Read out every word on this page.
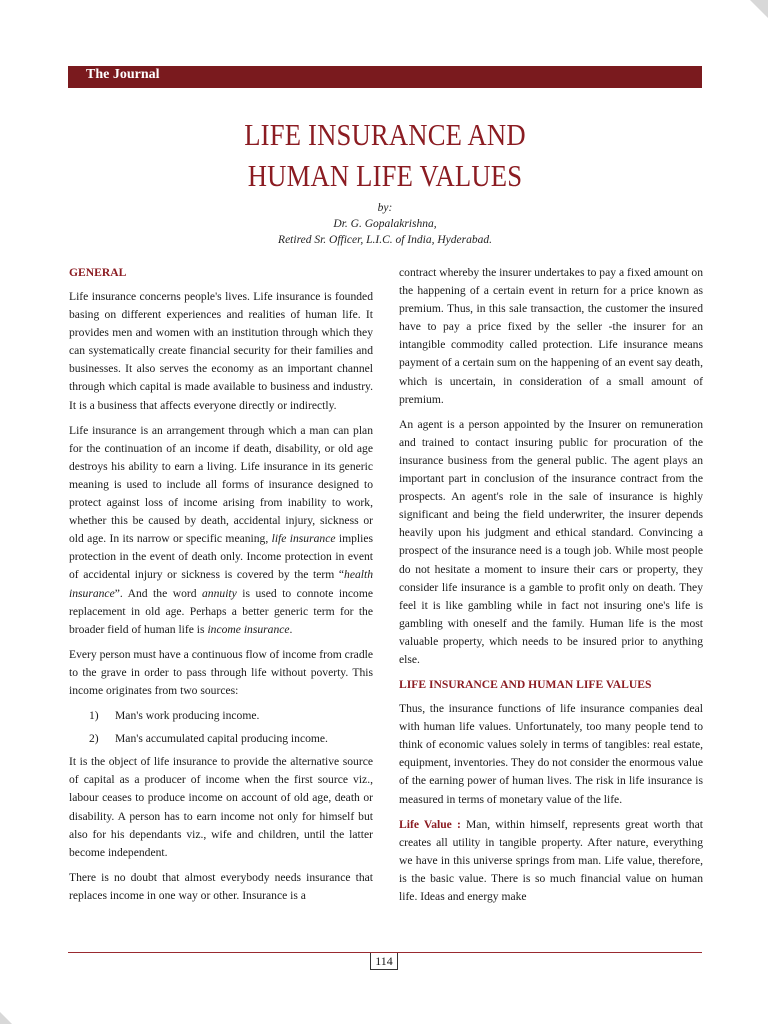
The Journal
LIFE INSURANCE AND
HUMAN LIFE VALUES
by:
Dr. G. Gopalakrishna,
Retired Sr. Officer, L.I.C. of India, Hyderabad.
GENERAL

Life insurance concerns people's lives. Life insurance is founded basing on different experiences and realities of human life. It provides men and women with an institution through which they can systematically create financial security for their families and businesses. It also serves the economy as an important channel through which capital is made available to business and industry. It is a business that affects everyone directly or indirectly.

Life insurance is an arrangement through which a man can plan for the continuation of an income if death, disability, or old age destroys his ability to earn a living. Life insurance in its generic meaning is used to include all forms of insurance designed to protect against loss of income arising from inability to work, whether this be caused by death, accidental injury, sickness or old age. In its narrow or specific meaning, life insurance implies protection in the event of death only. Income protection in event of accidental injury or sickness is covered by the term “health insurance”. And the word annuity is used to connote income replacement in old age. Perhaps a better generic term for the broader field of human life is income insurance.

Every person must have a continuous flow of income from cradle to the grave in order to pass through life without poverty. This income originates from two sources:

1) Man's work producing income.
2) Man's accumulated capital producing income.

It is the object of life insurance to provide the alternative source of capital as a producer of income when the first source viz., labour ceases to produce income on account of old age, death or disability. A person has to earn income not only for himself but also for his dependants viz., wife and children, until the latter become independent.

There is no doubt that almost everybody needs insurance that replaces income in one way or other. Insurance is a

contract whereby the insurer undertakes to pay a fixed amount on the happening of a certain event in return for a price known as premium. Thus, in this sale transaction, the customer the insured have to pay a price fixed by the seller -the insurer for an intangible commodity called protection. Life insurance means payment of a certain sum on the happening of an event say death, which is uncertain, in consideration of a small amount of premium.

An agent is a person appointed by the Insurer on remuneration and trained to contact insuring public for procuration of the insurance business from the general public. The agent plays an important part in conclusion of the insurance contract from the prospects. An agent's role in the sale of insurance is highly significant and being the field underwriter, the insurer depends heavily upon his judgment and ethical standard. Convincing a prospect of the insurance need is a tough job. While most people do not hesitate a moment to insure their cars or property, they consider life insurance is a gamble to profit only on death. They feel it is like gambling while in fact not insuring one's life is gambling with oneself and the family. Human life is the most valuable property, which needs to be insured prior to anything else.

LIFE INSURANCE AND HUMAN LIFE VALUES

Thus, the insurance functions of life insurance companies deal with human life values. Unfortunately, too many people tend to think of economic values solely in terms of tangibles: real estate, equipment, inventories. They do not consider the enormous value of the earning power of human lives. The risk in life insurance is measured in terms of monetary value of the life.

Life Value : Man, within himself, represents great worth that creates all utility in tangible property. After nature, everything we have in this universe springs from man. Life value, therefore, is the basic value. There is so much financial value on human life. Ideas and energy make

114
